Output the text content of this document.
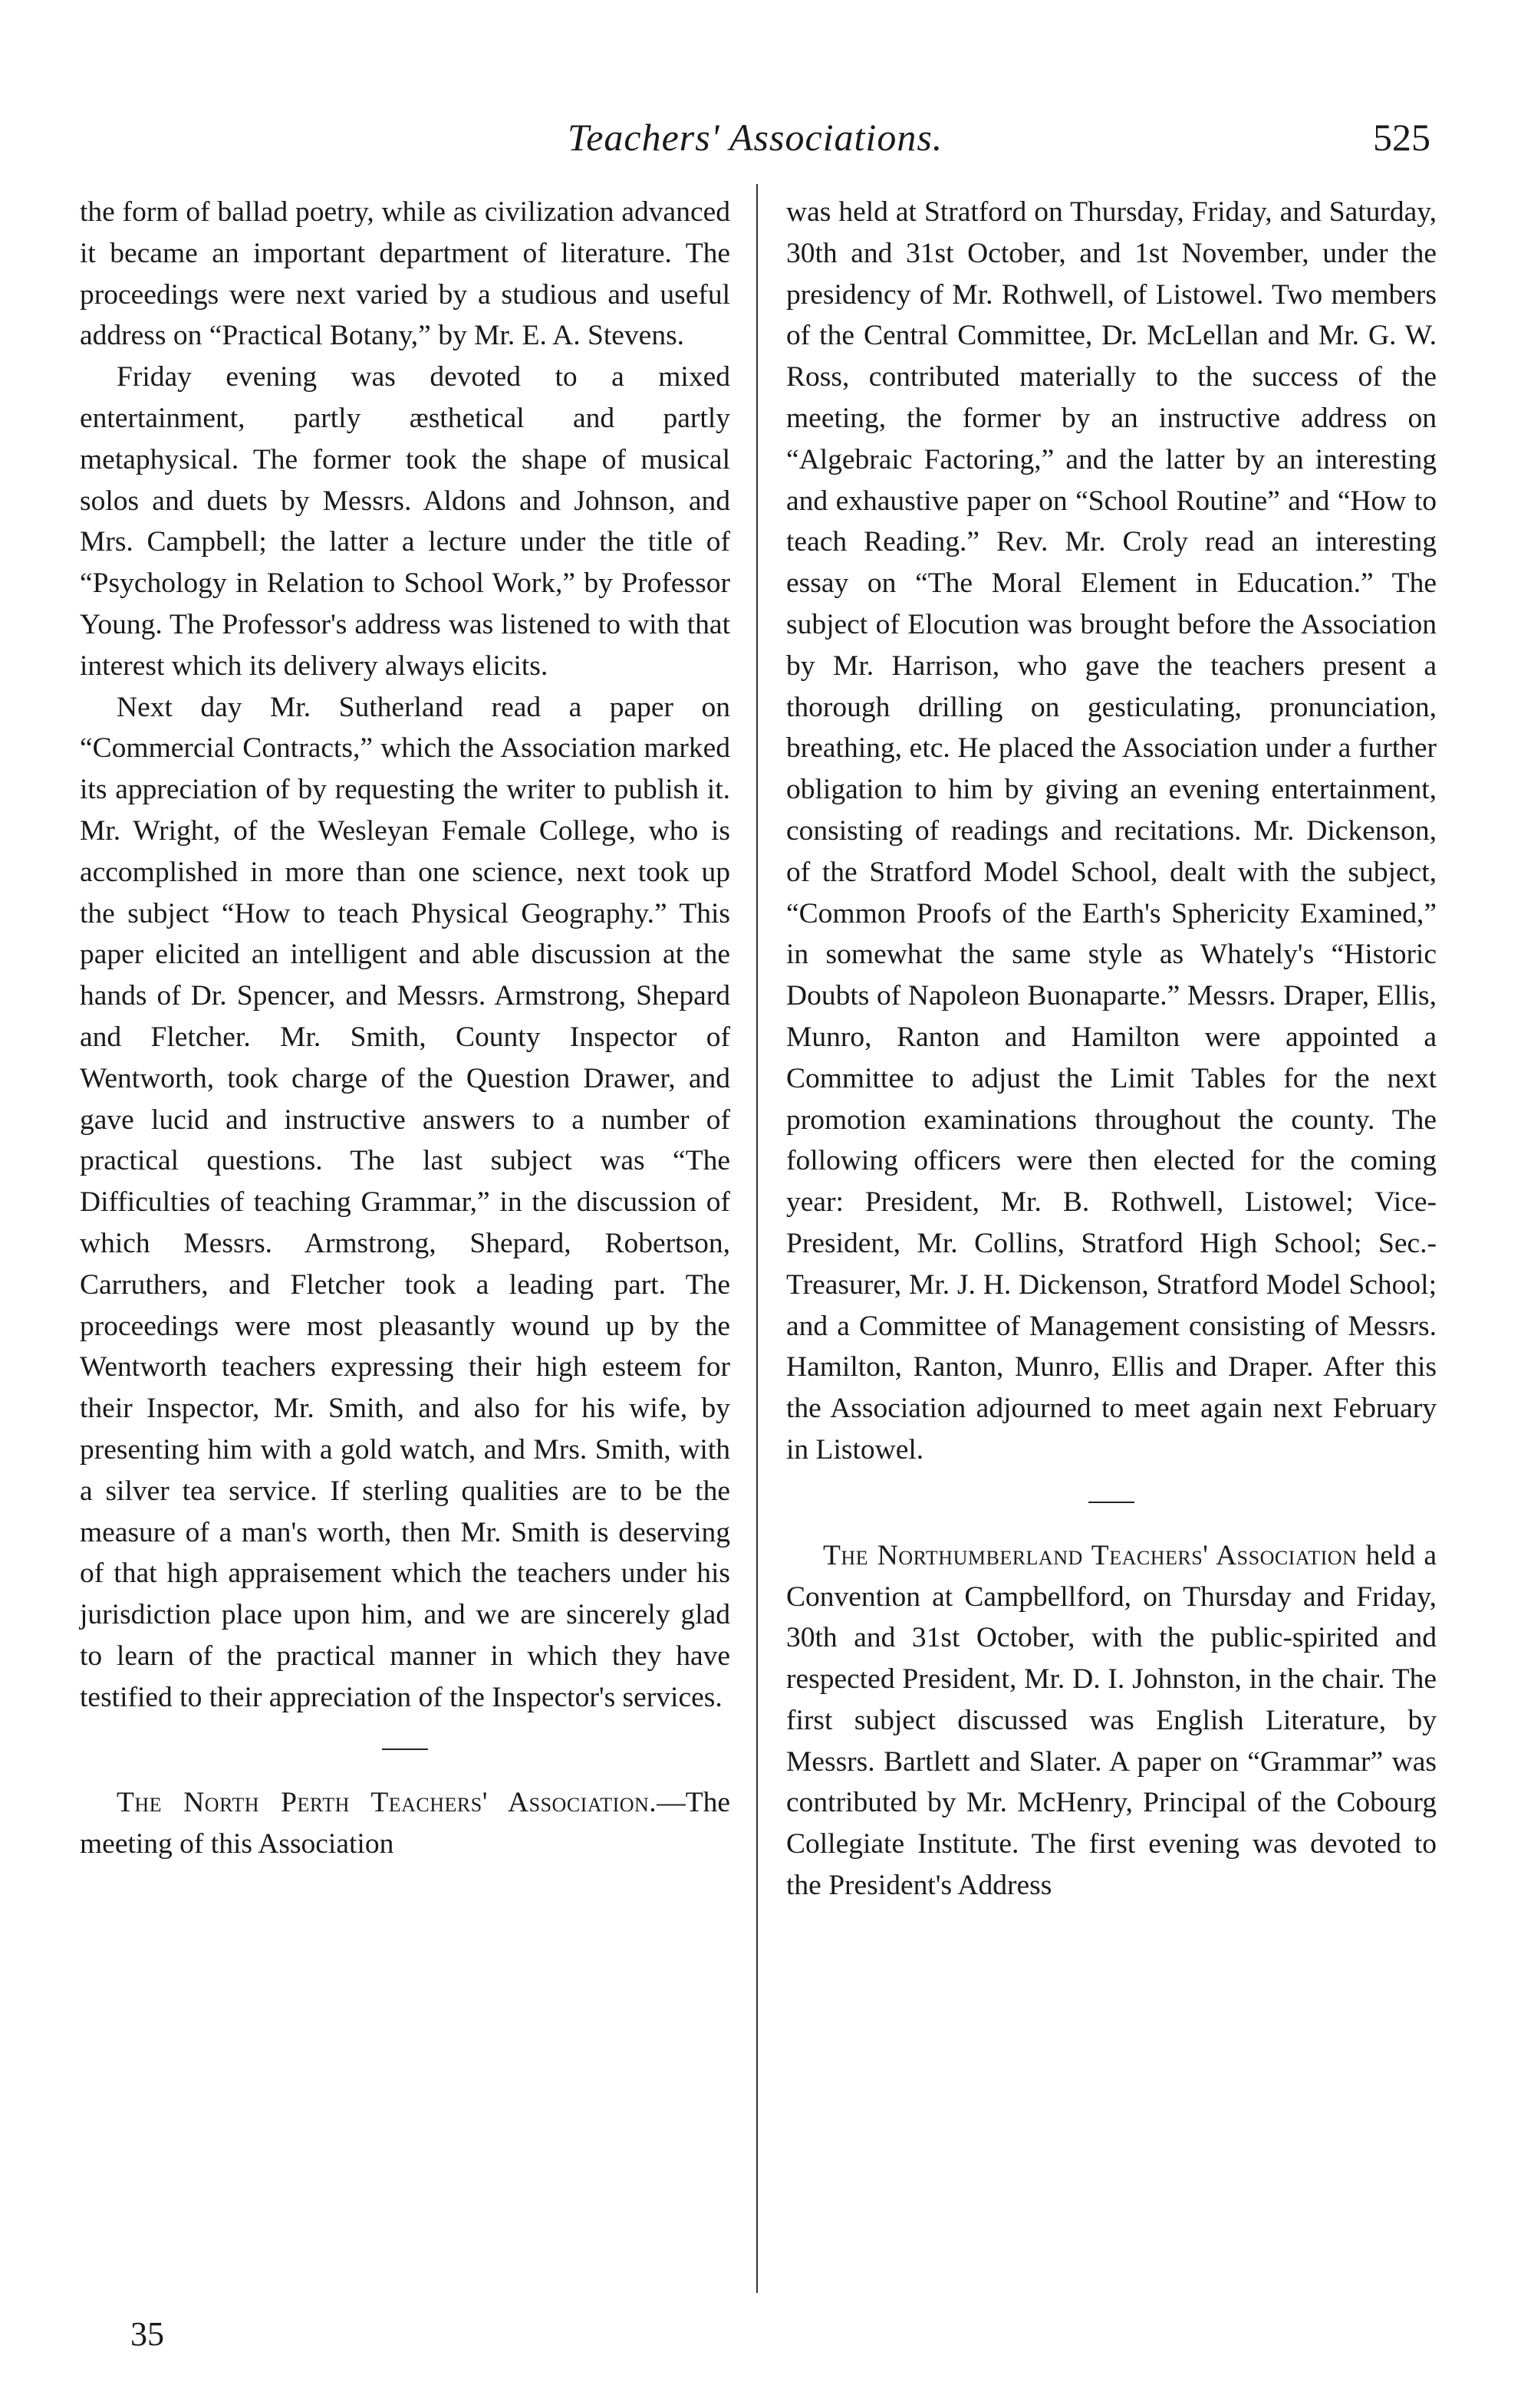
Teachers' Associations.	525

the form of ballad poetry, while as civilization advanced it became an important department of literature. The proceedings were next varied by a studious and useful address on “Practical Botany,” by Mr. E. A. Stevens.

Friday evening was devoted to a mixed entertainment, partly æsthetical and partly metaphysical. The former took the shape of musical solos and duets by Messrs. Aldons and Johnson, and Mrs. Campbell; the latter a lecture under the title of “Psychology in Relation to School Work,” by Professor Young. The Professor's address was listened to with that interest which its delivery always elicits.

Next day Mr. Sutherland read a paper on “Commercial Contracts,” which the Association marked its appreciation of by requesting the writer to publish it. Mr. Wright, of the Wesleyan Female College, who is accomplished in more than one science, next took up the subject “How to teach Physical Geography.” This paper elicited an intelligent and able discussion at the hands of Dr. Spencer, and Messrs. Armstrong, Shepard and Fletcher. Mr. Smith, County Inspector of Wentworth, took charge of the Question Drawer, and gave lucid and instructive answers to a number of practical questions. The last subject was “The Difficulties of teaching Grammar,” in the discussion of which Messrs. Armstrong, Shepard, Robertson, Carruthers, and Fletcher took a leading part. The proceedings were most pleasantly wound up by the Wentworth teachers expressing their high esteem for their Inspector, Mr. Smith, and also for his wife, by presenting him with a gold watch, and Mrs. Smith, with a silver tea service. If sterling qualities are to be the measure of a man's worth, then Mr. Smith is deserving of that high appraisement which the teachers under his jurisdiction place upon him, and we are sincerely glad to learn of the practical manner in which they have testified to their appreciation of the Inspector's services.

The North Perth Teachers' Association.—The meeting of this Association

was held at Stratford on Thursday, Friday, and Saturday, 30th and 31st October, and 1st November, under the presidency of Mr. Rothwell, of Listowel. Two members of the Central Committee, Dr. McLellan and Mr. G. W. Ross, contributed materially to the success of the meeting, the former by an instructive address on “Algebraic Factoring,” and the latter by an interesting and exhaustive paper on “School Routine” and “How to teach Reading.” Rev. Mr. Croly read an interesting essay on “The Moral Element in Education.” The subject of Elocution was brought before the Association by Mr. Harrison, who gave the teachers present a thorough drilling on gesticulating, pronunciation, breathing, etc. He placed the Association under a further obligation to him by giving an evening entertainment, consisting of readings and recitations. Mr. Dickenson, of the Stratford Model School, dealt with the subject, “Common Proofs of the Earth's Sphericity Examined,” in somewhat the same style as Whately's “Historic Doubts of Napoleon Buonaparte.” Messrs. Draper, Ellis, Munro, Ranton and Hamilton were appointed a Committee to adjust the Limit Tables for the next promotion examinations throughout the county. The following officers were then elected for the coming year: President, Mr. B. Rothwell, Listowel; Vice-President, Mr. Collins, Stratford High School; Sec.-Treasurer, Mr. J. H. Dickenson, Stratford Model School; and a Committee of Management consisting of Messrs. Hamilton, Ranton, Munro, Ellis and Draper. After this the Association adjourned to meet again next February in Listowel.

The Northumberland Teachers' Association held a Convention at Campbellford, on Thursday and Friday, 30th and 31st October, with the public-spirited and respected President, Mr. D. I. Johnston, in the chair. The first subject discussed was English Literature, by Messrs. Bartlett and Slater. A paper on “Grammar” was contributed by Mr. McHenry, Principal of the Cobourg Collegiate Institute. The first evening was devoted to the President's Address

35
